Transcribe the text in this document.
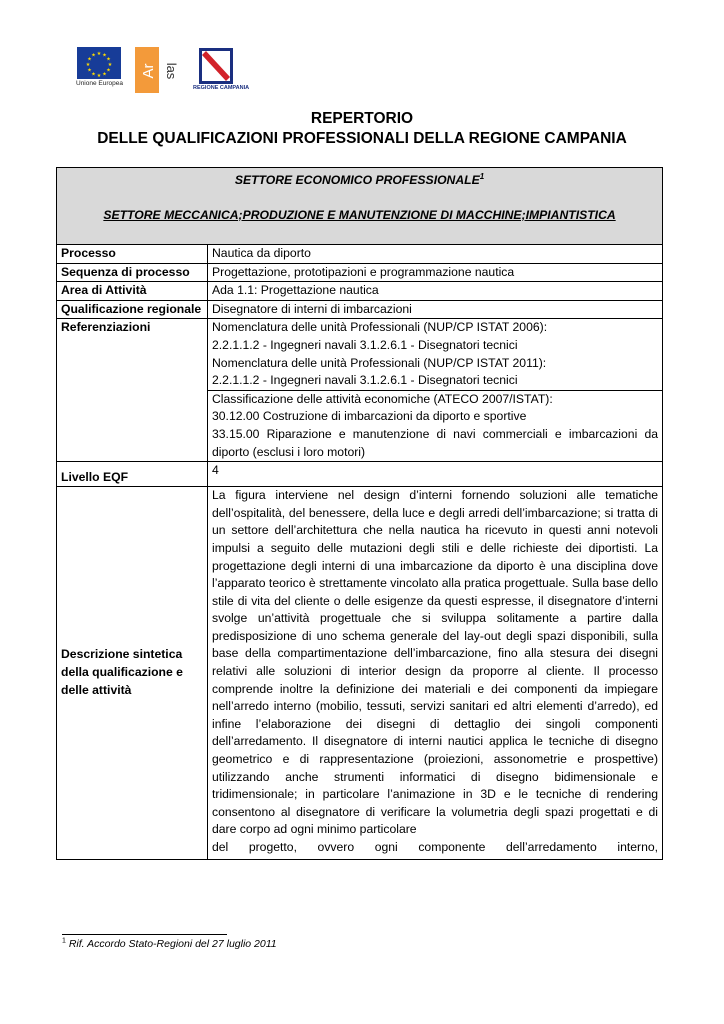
★ ★
★
★
★
★
★
★
★
★
★
★
Unione Europea
Ar las
REGIONE CAMPANIA
REPERTORIO
DELLE QUALIFICAZIONI PROFESSIONALI DELLA REGIONE CAMPANIA
SETTORE ECONOMICO PROFESSIONALE$^1$
SETTORE MECCANICA;PRODUZIONE E MANUTENZIONE DI MACCHINE;IMPIANTISTICA	

Processo	Nautica da diporto
Sequenza di processo	Progettazione, prototipazioni e programmazione nautica
Area di Attività	Ada 1.1: Progettazione nautica
Qualificazione regionale	Disegnatore di interni di imbarcazioni
Referenziazioni	Nomenclatura delle unità Professionali (NUP/CP ISTAT 2006):
2.2.1.1.2 - Ingegneri navali 3.1.2.6.1 - Disegnatori tecnici
Nomenclatura delle unità Professionali (NUP/CP ISTAT 2011):
2.2.1.1.2 - Ingegneri navali 3.1.2.6.1 - Disegnatori tecnici

	Classificazione delle attività economiche (ATECO 2007/ISTAT):
30.12.00 Costruzione di imbarcazioni da diporto e sportive
33.15.00 Riparazione e manutenzione di navi commerciali e imbarcazioni da diporto (esclusi i loro motori)

Livello EQF	4
Descrizione sintetica della qualificazione e delle attività	La figura interviene nel design d’interni fornendo soluzioni alle tematiche dell’ospitalità, del benessere, della luce e degli arredi dell’imbarcazione; si tratta di un settore dell’architettura che nella nautica ha ricevuto in questi anni notevoli impulsi a seguito delle mutazioni degli stili e delle richieste dei diportisti. La progettazione degli interni di una imbarcazione da diporto è una disciplina dove l’apparato teorico è strettamente vincolato alla pratica progettuale. Sulla base dello stile di vita del cliente o delle esigenze da questi espresse, il disegnatore d’interni svolge un’attività progettuale che si sviluppa solitamente a partire dalla predisposizione di uno schema generale del lay-out degli spazi disponibili, sulla base della compartimentazione dell’imbarcazione, fino alla stesura dei disegni relativi alle soluzioni di interior design da proporre al cliente. Il processo comprende inoltre la definizione dei materiali e dei componenti da impiegare nell’arredo interno (mobilio, tessuti, servizi sanitari ed altri elementi d’arredo), ed infine l’elaborazione dei disegni di dettaglio dei singoli componenti dell’arredamento. Il disegnatore di interni nautici applica le tecniche di disegno geometrico e di rappresentazione (proiezioni, assonometrie e prospettive) utilizzando anche strumenti informatici di disegno bidimensionale e tridimensionale; in particolare l’animazione in 3D e le tecniche di rendering consentono al disegnatore di verificare la volumetria degli spazi progettati e di dare corpo ad ogni minimo particolare
del progetto, ovvero ogni componente dell’arredamento interno,
$^1$ Rif. Accordo Stato-Regioni del 27 luglio 2011
